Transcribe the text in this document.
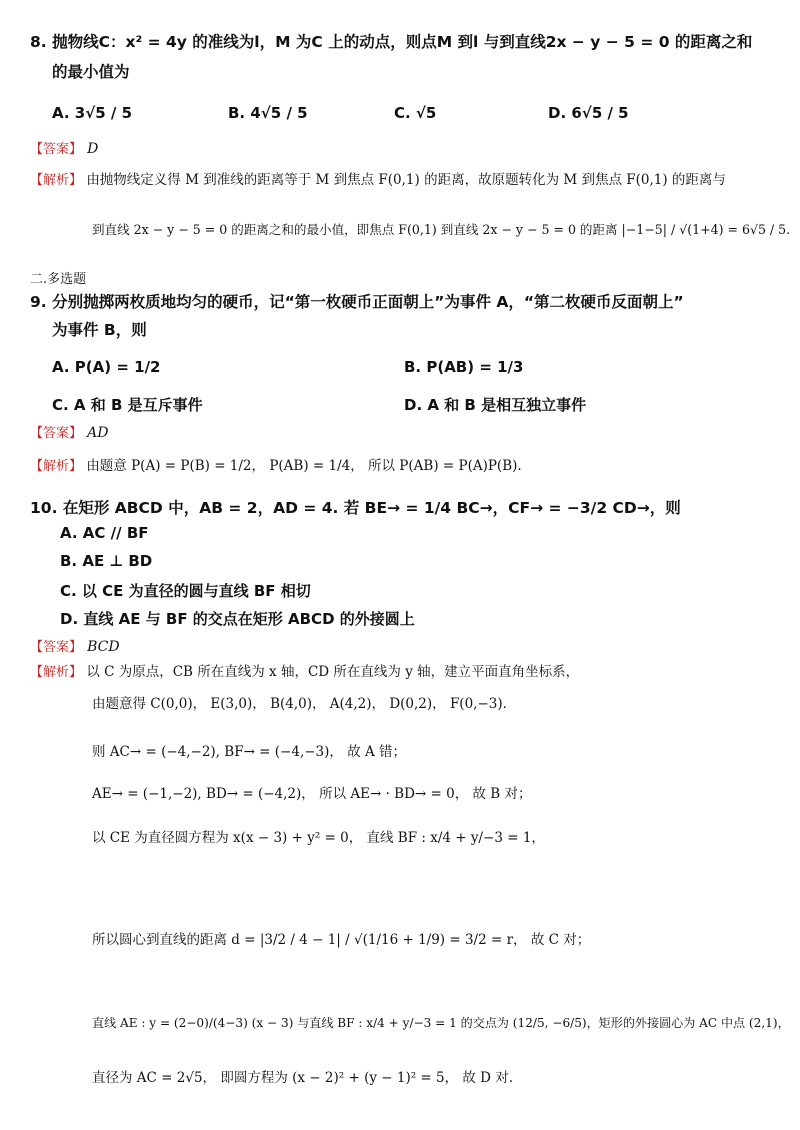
8. 抛物线C：x² = 4y 的准线为l，M 为C 上的动点，则点M 到l 与到直线2x − y − 5 = 0 的距离之和
的最小值为
A. 3√5 / 5	B. 4√5 / 5	C. √5	D. 6√5 / 5
【答案】 D
【解析】 由抛物线定义得 M 到准线的距离等于 M 到焦点 F(0,1) 的距离，故原题转化为 M 到焦点 F(0,1) 的距离与
到直线 2x − y − 5 = 0 的距离之和的最小值，即焦点 F(0,1) 到直线 2x − y − 5 = 0 的距离 |−1−5| / √(1+4) = 6√5 / 5.
二.多选题
9. 分别抛掷两枚质地均匀的硬币，记“第一枚硬币正面朝上”为事件 A，“第二枚硬币反面朝上”
为事件 B，则
A. P(A) = 1/2	B. P(AB) = 1/3
C. A 和 B 是互斥事件	D. A 和 B 是相互独立事件
【答案】 AD
【解析】 由题意 P(A) = P(B) = 1/2， P(AB) = 1/4， 所以 P(AB) = P(A)P(B).
10. 在矩形 ABCD 中，AB = 2，AD = 4. 若 BE→ = 1/4 BC→，CF→ = −3/2 CD→，则
A. AC // BF
B. AE ⊥ BD
C. 以 CE 为直径的圆与直线 BF 相切
D. 直线 AE 与 BF 的交点在矩形 ABCD 的外接圆上
【答案】 BCD
【解析】 以 C 为原点，CB 所在直线为 x 轴，CD 所在直线为 y 轴，建立平面直角坐标系，
由题意得 C(0,0)， E(3,0)， B(4,0)， A(4,2)， D(0,2)， F(0,−3).
则 AC→ = (−4,−2), BF→ = (−4,−3)， 故 A 错；
AE→ = (−1,−2), BD→ = (−4,2)， 所以 AE→ · BD→ = 0， 故 B 对；
以 CE 为直径圆方程为 x(x − 3) + y² = 0， 直线 BF : x/4 + y/−3 = 1，
所以圆心到直线的距离 d = |3/2 / 4 − 1| / √(1/16 + 1/9) = 3/2 = r， 故 C 对；
直线 AE : y = (2−0)/(4−3) (x − 3) 与直线 BF : x/4 + y/−3 = 1 的交点为 (12/5, −6/5)，矩形的外接圆心为 AC 中点 (2,1)，
直径为 AC = 2√5， 即圆方程为 (x − 2)² + (y − 1)² = 5， 故 D 对.
